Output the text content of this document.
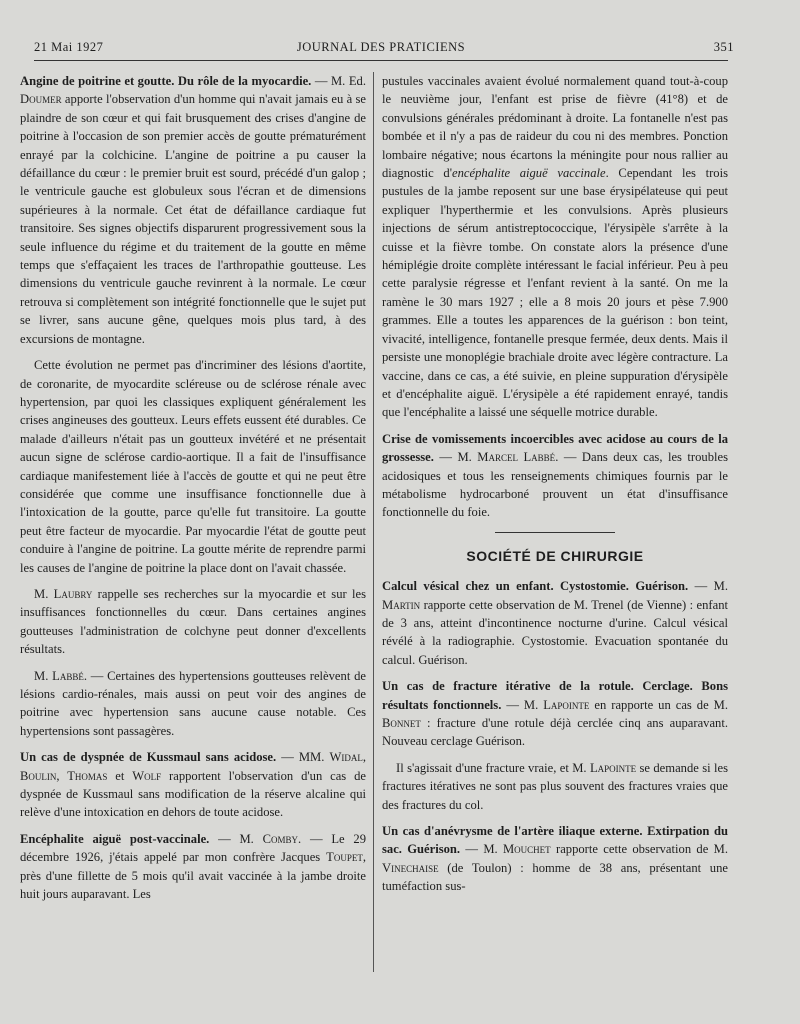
21 Mai 1927	JOURNAL DES PRATICIENS	351

Angine de poitrine et goutte. Du rôle de la myocardie. — M. Ed. Doumer apporte l'observation d'un homme qui n'avait jamais eu à se plaindre de son cœur et qui fait brusquement des crises d'angine de poitrine à l'occasion de son premier accès de goutte prématurément enrayé par la colchicine. L'angine de poitrine a pu causer la défaillance du cœur : le premier bruit est sourd, précédé d'un galop ; le ventricule gauche est globuleux sous l'écran et de dimensions supérieures à la normale. Cet état de défaillance cardiaque fut transitoire. Ses signes objectifs disparurent progressivement sous la seule influence du régime et du traitement de la goutte en même temps que s'effaçaient les traces de l'arthropathie goutteuse. Les dimensions du ventricule gauche revinrent à la normale. Le cœur retrouva si complètement son intégrité fonctionnelle que le sujet put se livrer, sans aucune gêne, quelques mois plus tard, à des excursions de montagne.

Cette évolution ne permet pas d'incriminer des lésions d'aortite, de coronarite, de myocardite scléreuse ou de sclérose rénale avec hypertension, par quoi les classiques expliquent généralement les crises angineuses des goutteux. Leurs effets eussent été durables. Ce malade d'ailleurs n'était pas un goutteux invétéré et ne présentait aucun signe de sclérose cardio-aortique. Il a fait de l'insuffisance cardiaque manifestement liée à l'accès de goutte et qui ne peut être considérée que comme une insuffisance fonctionnelle due à l'intoxication de la goutte, parce qu'elle fut transitoire. La goutte peut être facteur de myocardie. Par myocardie l'état de goutte peut conduire à l'angine de poitrine. La goutte mérite de reprendre parmi les causes de l'angine de poitrine la place dont on l'avait chassée.

M. Laubry rappelle ses recherches sur la myocardie et sur les insuffisances fonctionnelles du cœur. Dans certaines angines goutteuses l'administration de colchyne peut donner d'excellents résultats.

M. Labbé. — Certaines des hypertensions goutteuses relèvent de lésions cardio-rénales, mais aussi on peut voir des angines de poitrine avec hypertension sans aucune cause notable. Ces hypertensions sont passagères.

Un cas de dyspnée de Kussmaul sans acidose. — MM. Widal, Boulin, Thomas et Wolf rapportent l'observation d'un cas de dyspnée de Kussmaul sans modification de la réserve alcaline qui relève d'une intoxication en dehors de toute acidose.

Encéphalite aiguë post-vaccinale. — M. Comby. — Le 29 décembre 1926, j'étais appelé par mon confrère Jacques Toupet, près d'une fillette de 5 mois qu'il avait vaccinée à la jambe droite huit jours auparavant. Les

pustules vaccinales avaient évolué normalement quand tout-à-coup le neuvième jour, l'enfant est prise de fièvre (41°8) et de convulsions générales prédominant à droite. La fontanelle n'est pas bombée et il n'y a pas de raideur du cou ni des membres. Ponction lombaire négative; nous écartons la méningite pour nous rallier au diagnostic d'encéphalite aiguë vaccinale. Cependant les trois pustules de la jambe reposent sur une base érysipélateuse qui peut expliquer l'hyperthermie et les convulsions. Après plusieurs injections de sérum antistreptococcique, l'érysipèle s'arrête à la cuisse et la fièvre tombe. On constate alors la présence d'une hémiplégie droite complète intéressant le facial inférieur. Peu à peu cette paralysie régresse et l'enfant revient à la santé. On me la ramène le 30 mars 1927 ; elle a 8 mois 20 jours et pèse 7.900 grammes. Elle a toutes les apparences de la guérison : bon teint, vivacité, intelligence, fontanelle presque fermée, deux dents. Mais il persiste une monoplégie brachiale droite avec légère contracture. La vaccine, dans ce cas, a été suivie, en pleine suppuration d'érysipèle et d'encéphalite aiguë. L'érysipèle a été rapidement enrayé, tandis que l'encéphalite a laissé une séquelle motrice durable.

Crise de vomissements incoercibles avec acidose au cours de la grossesse. — M. Marcel Labbé. — Dans deux cas, les troubles acidosiques et tous les renseignements chimiques fournis par le métabolisme hydrocarboné prouvent un état d'insuffisance fonctionnelle du foie.

SOCIÉTÉ DE CHIRURGIE

Calcul vésical chez un enfant. Cystostomie. Guérison. — M. Martin rapporte cette observation de M. Trenel (de Vienne) : enfant de 3 ans, atteint d'incontinence nocturne d'urine. Calcul vésical révélé à la radiographie. Cystostomie. Evacuation spontanée du calcul. Guérison.

Un cas de fracture itérative de la rotule. Cerclage. Bons résultats fonctionnels. — M. Lapointe en rapporte un cas de M. Bonnet : fracture d'une rotule déjà cerclée cinq ans auparavant. Nouveau cerclage Guérison.

Il s'agissait d'une fracture vraie, et M. Lapointe se demande si les fractures itératives ne sont pas plus souvent des fractures vraies que des fractures du col.

Un cas d'anévrysme de l'artère iliaque externe. Extirpation du sac. Guérison. — M. Mouchet rapporte cette observation de M. Vinechaise (de Toulon) : homme de 38 ans, présentant une tuméfaction sus-
